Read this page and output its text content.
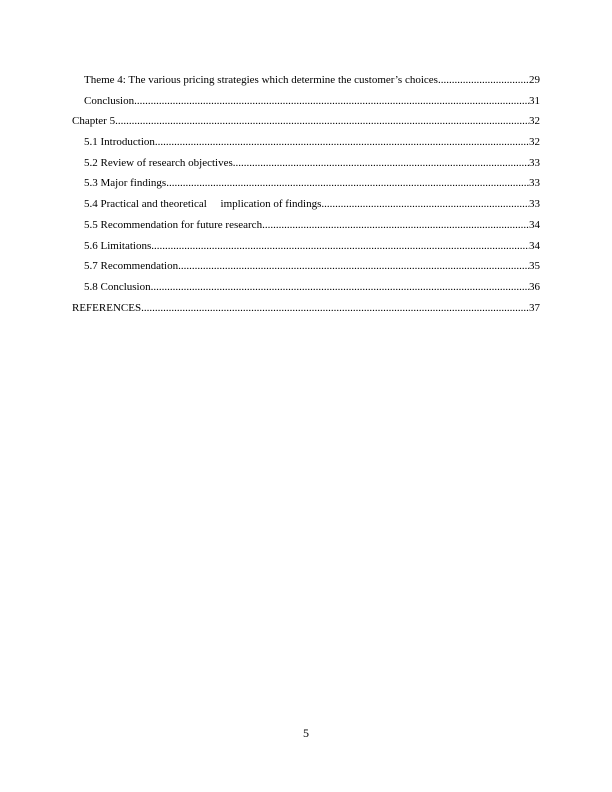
Theme 4: The various pricing strategies which determine the customer’s choices .....	29
Conclusion .....	31
Chapter 5 .....	32
5.1 Introduction .....	32
5.2 Review of research objectives .....	33
5.3 Major findings .....	33
5.4 Practical and theoretical     implication of findings .....	33
5.5 Recommendation for future research .....	34
5.6 Limitations .....	34
5.7 Recommendation .....	35
5.8 Conclusion .....	36
REFERENCES .....	37
5
